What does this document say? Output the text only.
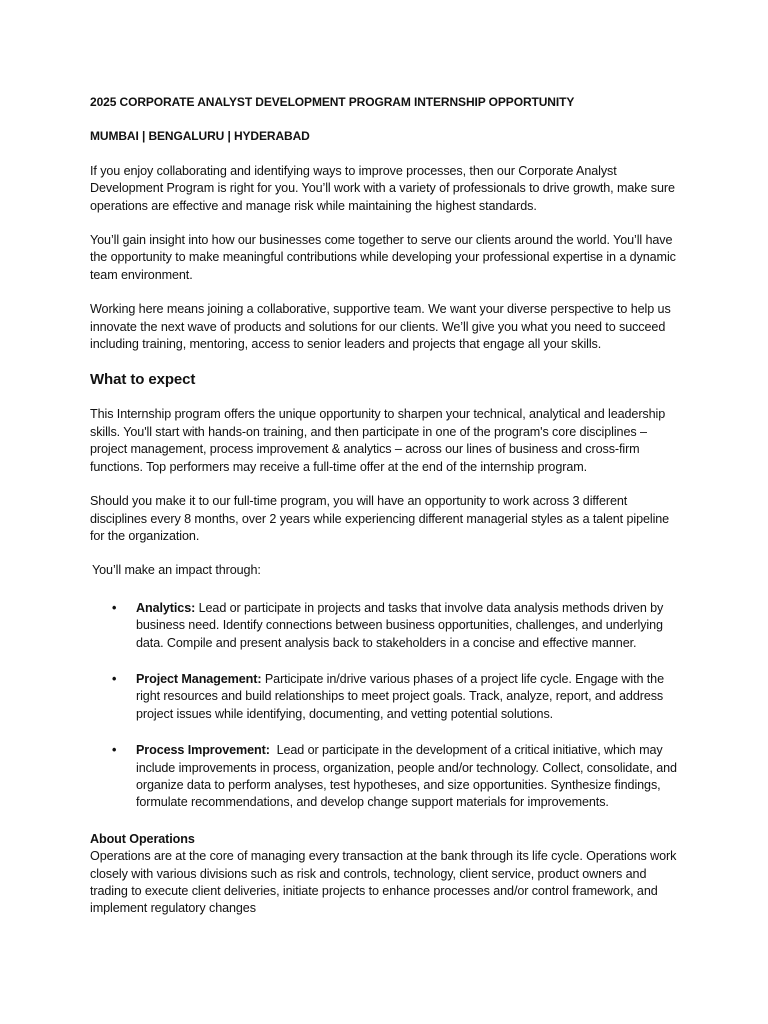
2025 CORPORATE ANALYST DEVELOPMENT PROGRAM INTERNSHIP OPPORTUNITY
MUMBAI | BENGALURU | HYDERABAD

If you enjoy collaborating and identifying ways to improve processes, then our Corporate Analyst Development Program is right for you. You’ll work with a variety of professionals to drive growth, make sure operations are effective and manage risk while maintaining the highest standards.

You’ll gain insight into how our businesses come together to serve our clients around the world. You’ll have the opportunity to make meaningful contributions while developing your professional expertise in a dynamic team environment.

Working here means joining a collaborative, supportive team. We want your diverse perspective to help us innovate the next wave of products and solutions for our clients. We’ll give you what you need to succeed including training, mentoring, access to senior leaders and projects that engage all your skills.

What to expect

This Internship program offers the unique opportunity to sharpen your technical, analytical and leadership skills. You'll start with hands-on training, and then participate in one of the program's core disciplines –project management, process improvement & analytics – across our lines of business and cross-firm functions. Top performers may receive a full-time offer at the end of the internship program.

Should you make it to our full-time program, you will have an opportunity to work across 3 different disciplines every 8 months, over 2 years while experiencing different managerial styles as a talent pipeline for the organization.

You’ll make an impact through:
• Analytics: Lead or participate in projects and tasks that involve data analysis methods driven by business need. Identify connections between business opportunities, challenges, and underlying data. Compile and present analysis back to stakeholders in a concise and effective manner.
• Project Management: Participate in/drive various phases of a project life cycle. Engage with the right resources and build relationships to meet project goals. Track, analyze, report, and address project issues while identifying, documenting, and vetting potential solutions.
• Process Improvement:  Lead or participate in the development of a critical initiative, which may include improvements in process, organization, people and/or technology. Collect, consolidate, and organize data to perform analyses, test hypotheses, and size opportunities. Synthesize findings, formulate recommendations, and develop change support materials for improvements.
About Operations
Operations are at the core of managing every transaction at the bank through its life cycle. Operations work closely with various divisions such as risk and controls, technology, client service, product owners and trading to execute client deliveries, initiate projects to enhance processes and/or control framework, and implement regulatory changes
